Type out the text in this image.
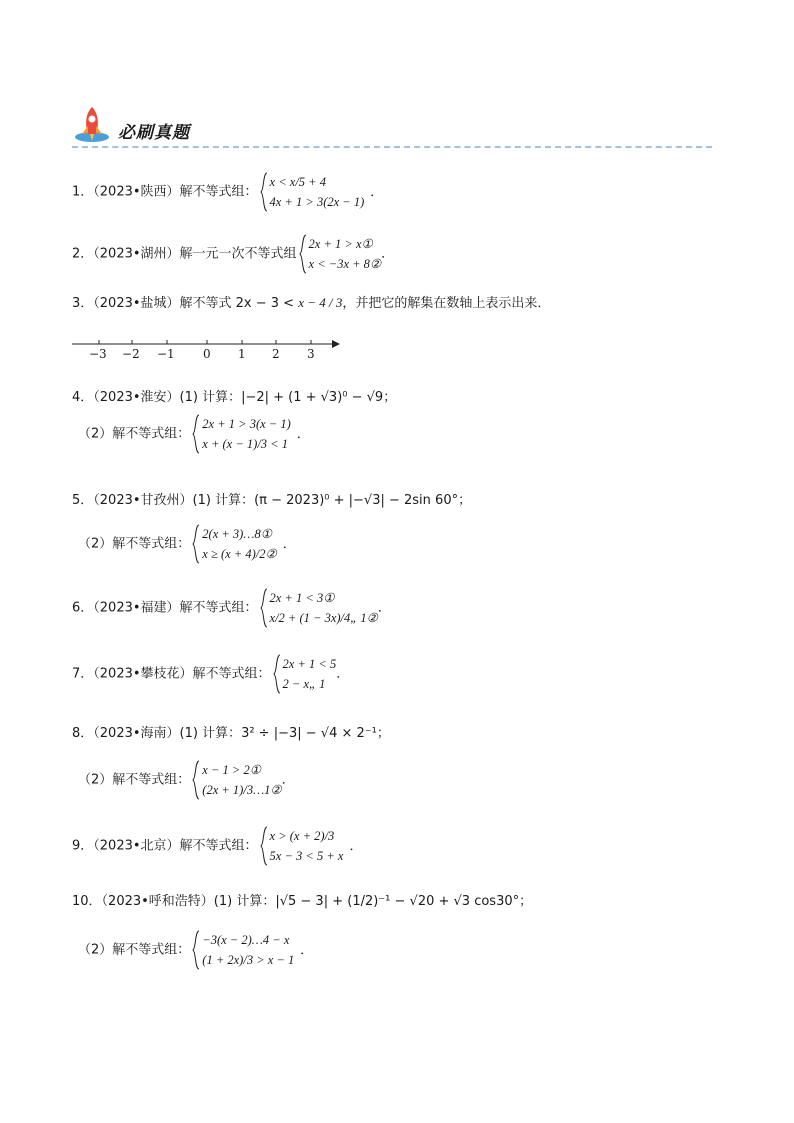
必刷真题
1．（2023•陕西）解不等式组：
x < x/5 + 4
4x + 1 > 3(2x − 1)
．
2．（2023•湖州）解一元一次不等式组
2x + 1 > x①
x < −3x + 8②
．
3．（2023•盐城）解不等式 2x − 3 < x − 4 / 3，并把它的解集在数轴上表示出来．
−3 −2 −1 0 1 2 3
4．（2023•淮安）(1) 计算：|−2| + (1 + √3)⁰ − √9；
（2）解不等式组：
2x + 1 > 3(x − 1)
x + (x − 1)/3 < 1
．
5．（2023•甘孜州）(1) 计算：(π − 2023)⁰ + |−√3| − 2sin 60°；
（2）解不等式组：
2(x + 3)…8①
x ≥ (x + 4)/2②
．
6．（2023•福建）解不等式组：
2x + 1 < 3①
x/2 + (1 − 3x)/4„ 1②
．
7．（2023•攀枝花）解不等式组：
2x + 1 < 5
2 − x„ 1
．
8．（2023•海南）(1) 计算：3² ÷ |−3| − √4 × 2⁻¹；
（2）解不等式组：
x − 1 > 2①
(2x + 1)/3…1②
．
9．（2023•北京）解不等式组：
x > (x + 2)/3
5x − 3 < 5 + x
．
10．（2023•呼和浩特）(1) 计算：|√5 − 3| + (1/2)⁻¹ − √20 + √3 cos30°；
（2）解不等式组：
−3(x − 2)…4 − x
(1 + 2x)/3 > x − 1
．
